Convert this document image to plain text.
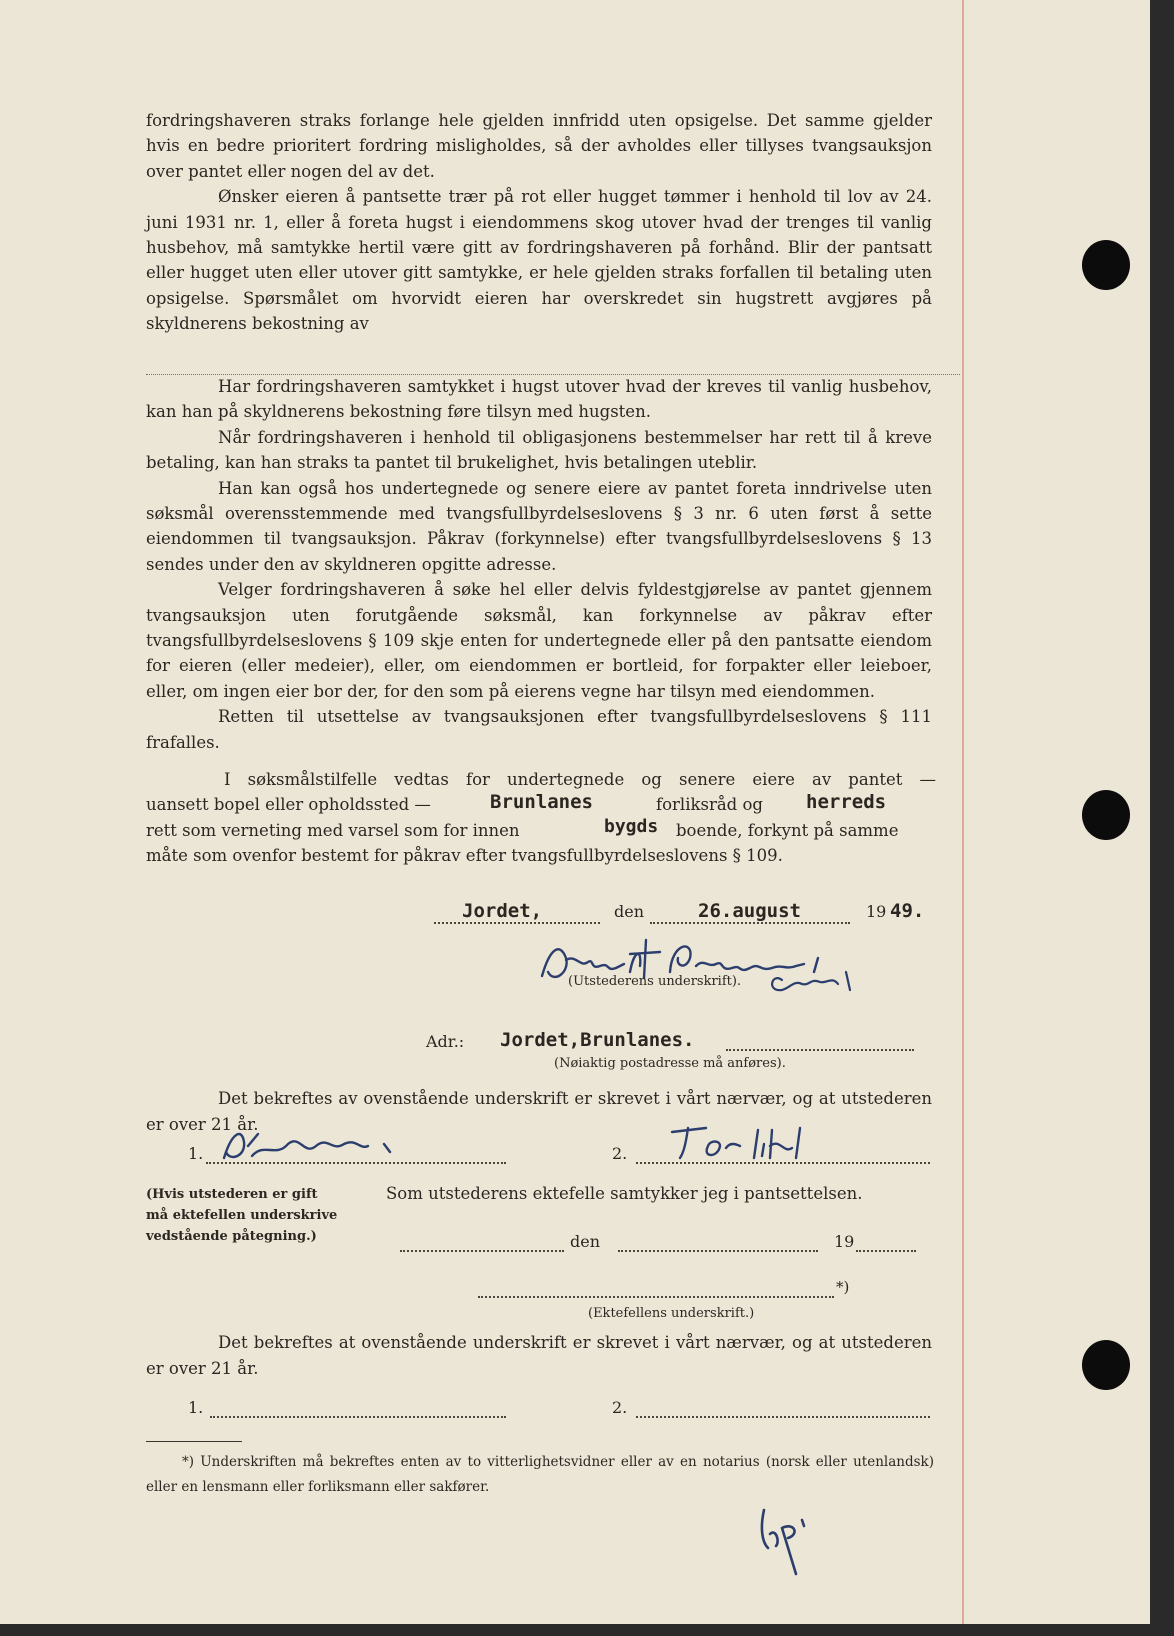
fordringshaveren straks forlange hele gjelden innfridd uten opsigelse. Det samme gjelder hvis en bedre prioritert fordring misligholdes, så der avholdes eller tillyses tvangsauksjon over pantet eller nogen del av det.

Ønsker eieren å pantsette trær på rot eller hugget tømmer i henhold til lov av 24. juni 1931 nr. 1, eller å foreta hugst i eiendommens skog utover hvad der trenges til vanlig husbehov, må samtykke hertil være gitt av fordringshaveren på forhånd. Blir der pantsatt eller hugget uten eller utover gitt samtykke, er hele gjelden straks forfallen til betaling uten opsigelse. Spørsmålet om hvorvidt eieren har overskredet sin hugstrett avgjøres på skyldnerens bekostning av

Har fordringshaveren samtykket i hugst utover hvad der kreves til vanlig husbehov, kan han på skyldnerens bekostning føre tilsyn med hugsten.

Når fordringshaveren i henhold til obligasjonens bestemmelser har rett til å kreve betaling, kan han straks ta pantet til brukelighet, hvis betalingen uteblir.

Han kan også hos undertegnede og senere eiere av pantet foreta inndrivelse uten søksmål overensstemmende med tvangsfullbyrdelseslovens § 3 nr. 6 uten først å sette eiendommen til tvangsauksjon. Påkrav (forkynnelse) efter tvangsfullbyrdelseslovens § 13 sendes under den av skyldneren opgitte adresse.

Velger fordringshaveren å søke hel eller delvis fyldestgjørelse av pantet gjennem tvangsauksjon uten forutgående søksmål, kan forkynnelse av påkrav efter tvangsfullbyrdelseslovens § 109 skje enten for undertegnede eller på den pantsatte eiendom for eieren (eller medeier), eller, om eiendommen er bortleid, for forpakter eller leieboer, eller, om ingen eier bor der, for den som på eierens vegne har tilsyn med eiendommen.

Retten til utsettelse av tvangsauksjonen efter tvangsfullbyrdelseslovens § 111 frafalles.

I søksmålstilfelle vedtas for undertegnede og senere eiere av pantet —
uansett bopel eller opholdssted —	Brunlanes	forliksråd og herreds
rett som verneting med varsel som for innen	bygds boende, forkynt på samme
måte som ovenfor bestemt for påkrav efter tvangsfullbyrdelseslovens § 109.
Jordet,	den	26.august	19 49.
(Utstederens underskrift).
Adr.: Jordet,Brunlanes.
(Nøiaktig postadresse må anføres).
Det bekreftes av ovenstående underskrift er skrevet i vårt nærvær, og at utstederen er over 21 år.
1.	2.
(Hvis utstederen er gift
må ektefellen underskrive
vedstående påtegning.)
Som utstederens ektefelle samtykker jeg i pantsettelsen.
den	19
*)
(Ektefellens underskrift.)
Det bekreftes at ovenstående underskrift er skrevet i vårt nærvær, og at utstederen er over 21 år.
1.	2.
*) Underskriften må bekreftes enten av to vitterlighetsvidner eller av en notarius (norsk eller utenlandsk) eller en lensmann eller forliksmann eller sakfører.
